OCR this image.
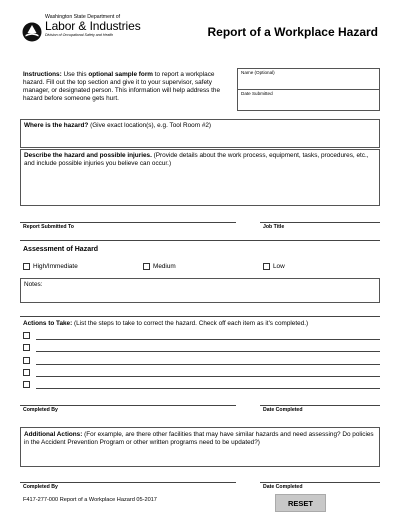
Washington State Department of
Labor & Industries
Division of Occupational Safety and Health	Report of a Workplace Hazard
Instructions: Use this optional sample form to report a workplace hazard. Fill out the top section and give it to your supervisor, safety manager, or designated person. This information will help address the hazard before someone gets hurt.
Name (Optional)
Date Submitted
Where is the hazard? (Give exact location(s), e.g. Tool Room #2)
Describe the hazard and possible injuries. (Provide details about the work process, equipment, tasks, procedures, etc., and include possible injuries you believe can occur.)
Report Submitted To	Job Title
Assessment of Hazard
High/Immediate	Medium	Low
Notes:
Actions to Take: (List the steps to take to correct the hazard. Check off each item as it's completed.)
Completed By	Date Completed
Additional Actions: (For example, are there other facilities that may have similar hazards and need assessing? Do policies in the Accident Prevention Program or other written programs need to be updated?)
Completed By	Date Completed
F417-277-000 Report of a Workplace Hazard 05-2017	RESET
